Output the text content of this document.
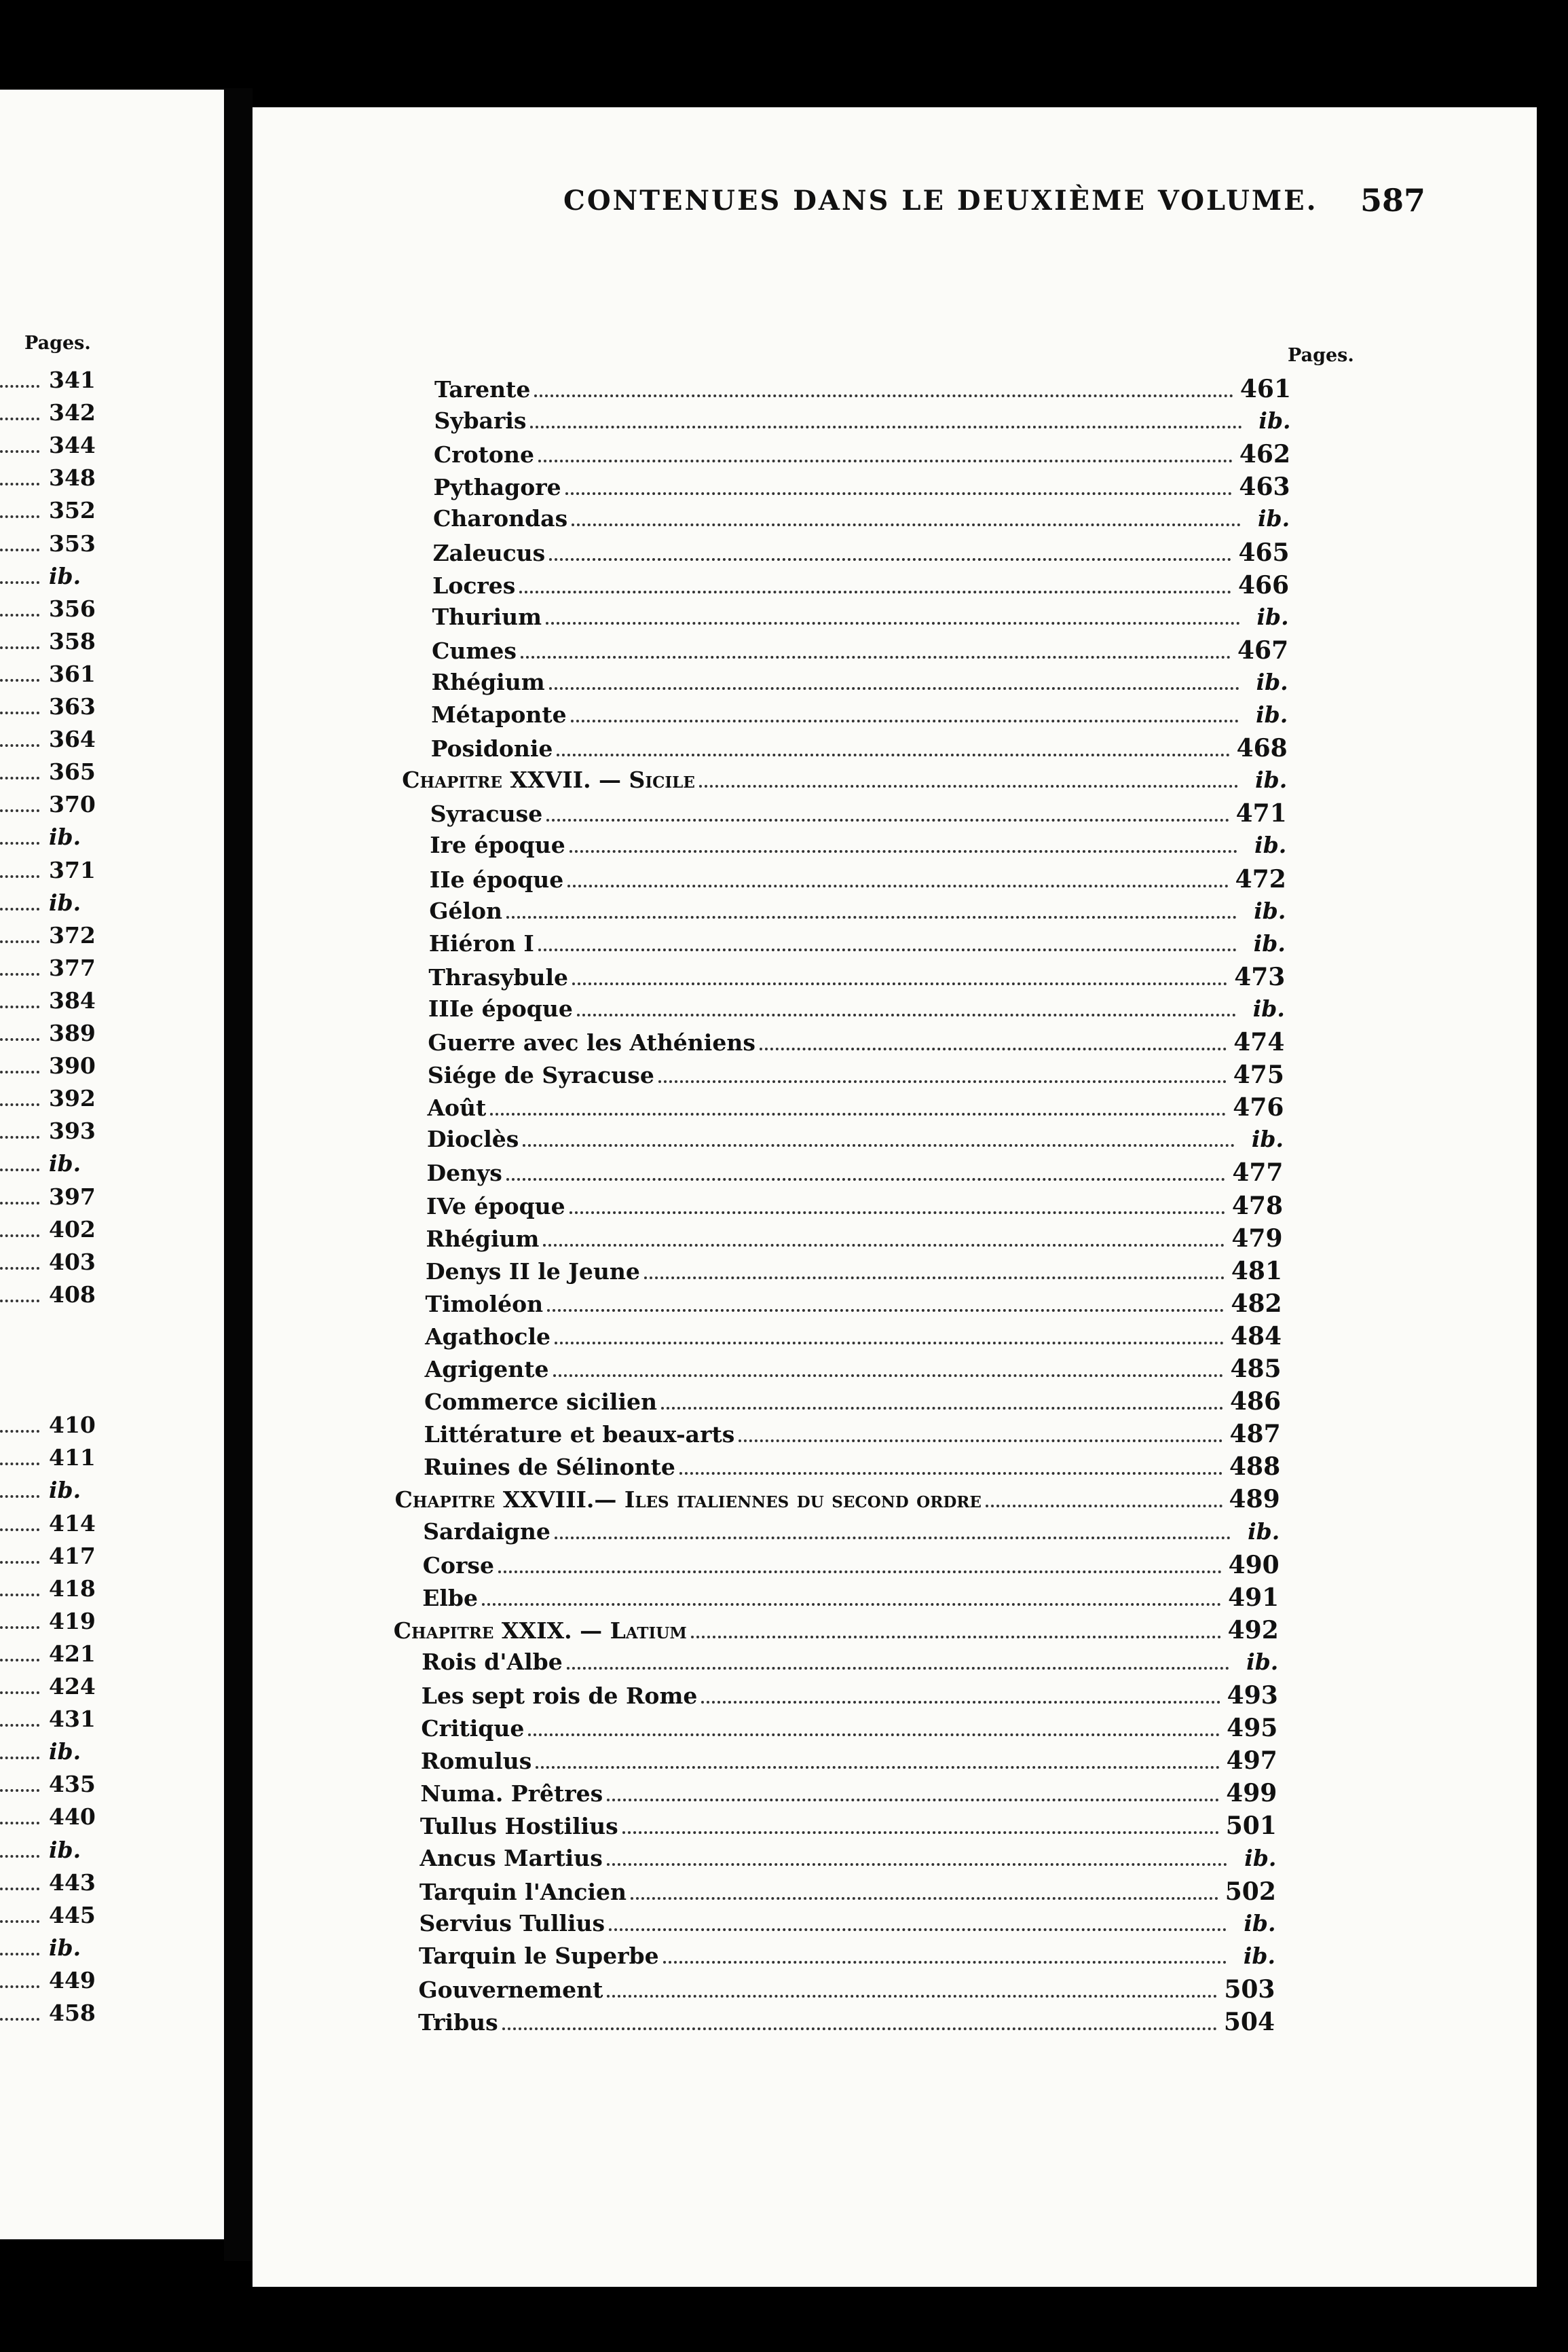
Pages.
341
342
344
348
352
353
ib.
356
358
361
363
364
365
370
ib.
371
ib.
372
377
384
389
390
392
393
ib.
397
402
403
408
410
411
ib.
414
417
418
419
421
424
431
ib.
435
440
ib.
443
445
ib.
449
458
Pages.
Tarente	461
Sybaris	ib.
Crotone	462
Pythagore	463
Charondas	ib.
Zaleucus	465
Locres	466
Thurium	ib.
Cumes	467
Rhégium	ib.
Métaponte	ib.
Posidonie	468
Chapitre XXVII. — Sicile	ib.
Syracuse	471
Ire époque	ib.
IIe époque	472
Gélon	ib.
Hiéron I	ib.
Thrasybule	473
IIIe époque	ib.
Guerre avec les Athéniens	474
Siége de Syracuse	475
Août	476
Dioclès	ib.
Denys	477
IVe époque	478
Rhégium	479
Denys II le Jeune	481
Timoléon	482
Agathocle	484
Agrigente	485
Commerce sicilien	486
Littérature et beaux-arts	487
Ruines de Sélinonte	488
Chapitre XXVIII.— Iles italiennes du second ordre	489
Sardaigne	ib.
Corse	490
Elbe	491
Chapitre XXIX. — Latium	492
Rois d'Albe	ib.
Les sept rois de Rome	493
Critique	495
Romulus	497
Numa. Prêtres	499
Tullus Hostilius	501
Ancus Martius	ib.
Tarquin l'Ancien	502
Servius Tullius	ib.
Tarquin le Superbe	ib.
Gouvernement	503
Tribus	504
CONTENUES DANS LE DEUXIÈME VOLUME. 587
